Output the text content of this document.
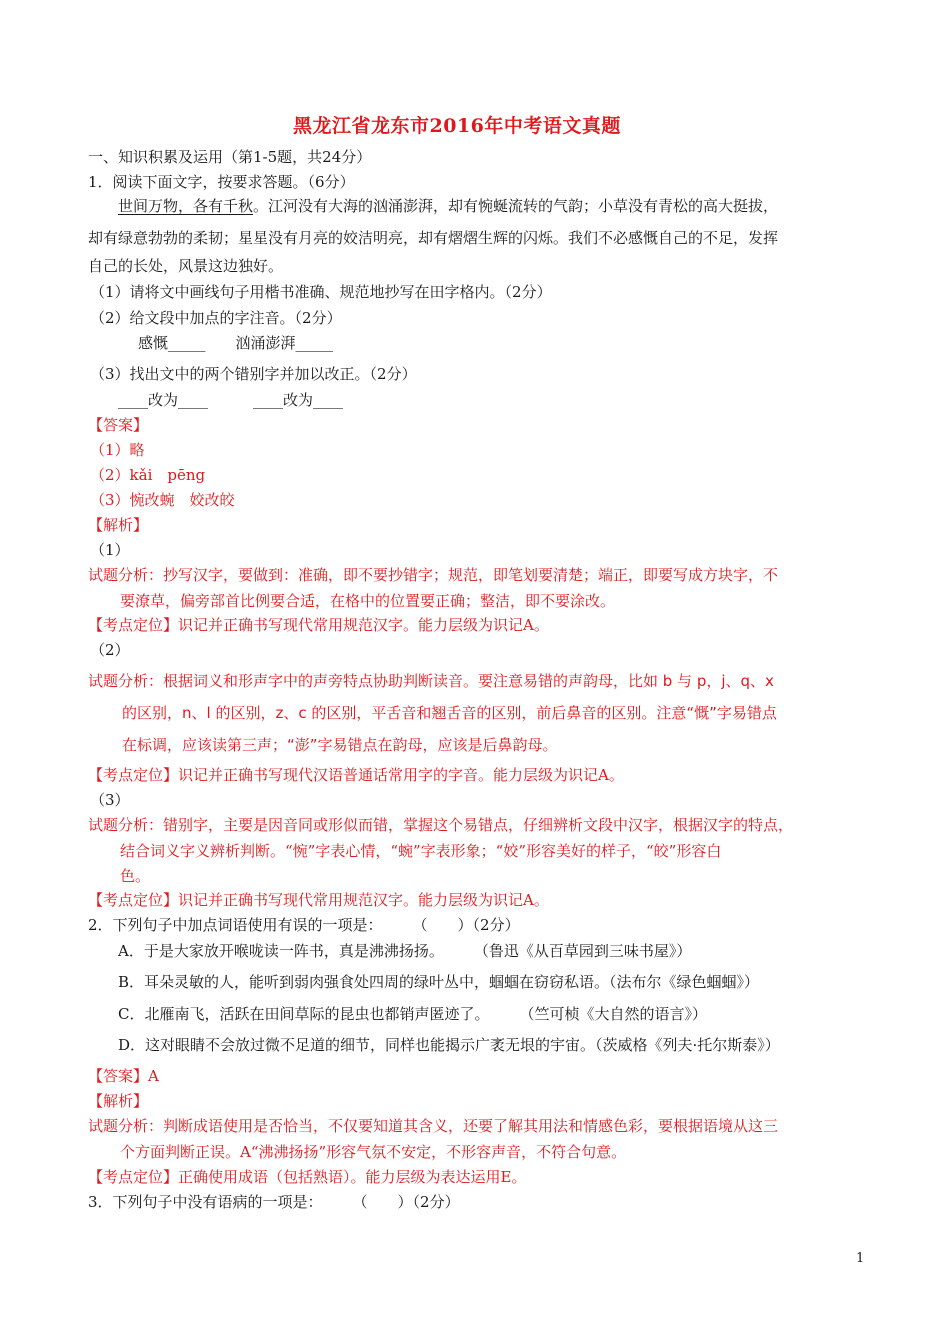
黑龙江省龙东市2016年中考语文真题
一、知识积累及运用（第1-5题，共24分）
1．阅读下面文字，按要求答题。（6分）
世间万物，各有千秋。江河没有大海的汹涌澎湃，却有惋蜒流转的气韵；小草没有青松的高大挺拔，
却有绿意勃勃的柔韧；星星没有月亮的姣洁明亮，却有熠熠生辉的闪烁。我们不必感慨自己的不足，发挥
自己的长处，风景这边独好。
（1）请将文中画线句子用楷书准确、规范地抄写在田字格内。（2分）
（2）给文段中加点的字注音。（2分）
感慨_____　　汹涌澎湃_____
（3）找出文中的两个错别字并加以改正。（2分）
____改为____　　　____改为____
【答案】
（1）略
（2）kǎi　pēng
（3）惋改蜿　姣改皎
【解析】
（1）
试题分析：抄写汉字，要做到：准确，即不要抄错字；规范，即笔划要清楚；端正，即要写成方块字，不
要潦草，偏旁部首比例要合适，在格中的位置要正确；整洁，即不要涂改。
【考点定位】识记并正确书写现代常用规范汉字。能力层级为识记A。
（2）
试题分析：根据词义和形声字中的声旁特点协助判断读音。要注意易错的声韵母，比如 b 与 p，j、q、x
的区别，n、l 的区别，z、c 的区别，平舌音和翘舌音的区别，前后鼻音的区别。注意“慨”字易错点
在标调，应该读第三声；“澎”字易错点在韵母，应该是后鼻韵母。
【考点定位】识记并正确书写现代汉语普通话常用字的字音。能力层级为识记A。
（3）
试题分析：错别字，主要是因音同或形似而错，掌握这个易错点，仔细辨析文段中汉字，根据汉字的特点，
结合词义字义辨析判断。“惋”字表心情，“蜿”字表形象；“姣”形容美好的样子，“皎”形容白
色。
【考点定位】识记并正确书写现代常用规范汉字。能力层级为识记A。
2．下列句子中加点词语使用有误的一项是：　　　（　　）（2分）
A．于是大家放开喉咙读一阵书，真是沸沸扬扬。　　　（鲁迅《从百草园到三味书屋》）
B．耳朵灵敏的人，能听到弱肉强食处四周的绿叶丛中，蝈蝈在窃窃私语。（法布尔《绿色蝈蝈》）
C．北雁南飞，活跃在田间草际的昆虫也都销声匿迹了。　　　（竺可桢《大自然的语言》）
D．这对眼睛不会放过微不足道的细节，同样也能揭示广袤无垠的宇宙。（茨威格《列夫·托尔斯泰》）
【答案】A
【解析】
试题分析：判断成语使用是否恰当，不仅要知道其含义，还要了解其用法和情感色彩，要根据语境从这三
个方面判断正误。A“沸沸扬扬”形容气氛不安定，不形容声音，不符合句意。
【考点定位】正确使用成语（包括熟语）。能力层级为表达运用E。
3．下列句子中没有语病的一项是：　　　（　　）（2分）
1
